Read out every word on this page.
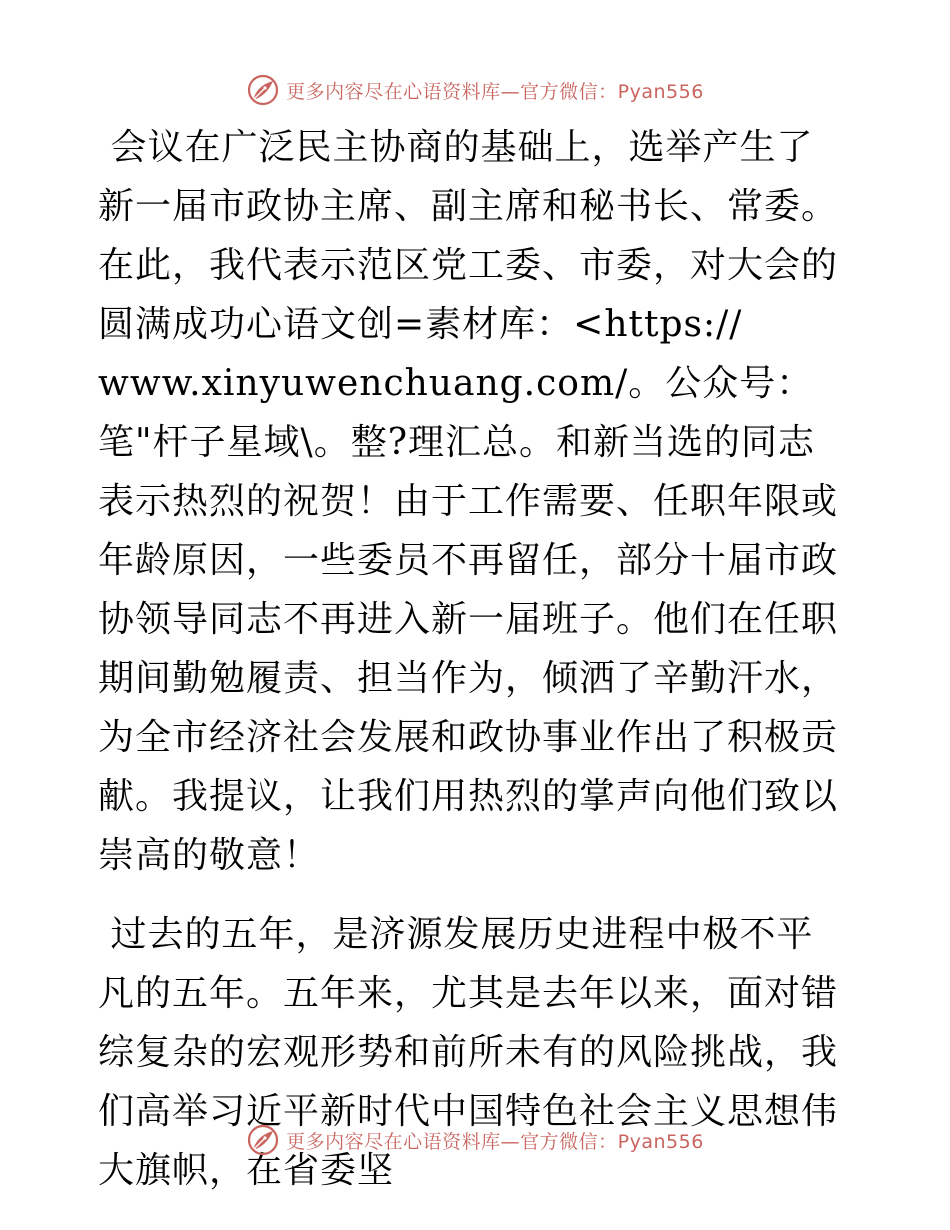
更多内容尽在心语资料库—官方微信：Pyan556

会议在广泛民主协商的基础上，选举产生了新一届市政协主席、副主席和秘书长、常委。在此，我代表示范区党工委、市委，对大会的圆满成功心语文创=素材库：<https://
www.xinyuwenchuang.com/。公众号：笔"杆子星域\。整?理汇总。和新当选的同志表示热烈的祝贺！由于工作需要、任职年限或年龄原因，一些委员不再留任，部分十届市政协领导同志不再进入新一届班子。他们在任职期间勤勉履责、担当作为，倾洒了辛勤汗水，为全市经济社会发展和政协事业作出了积极贡献。我提议，让我们用热烈的掌声向他们致以崇高的敬意！

过去的五年，是济源发展历史进程中极不平凡的五年。五年来，尤其是去年以来，面对错综复杂的宏观形势和前所未有的风险挑战，我们高举习近平新时代中国特色社会主义思想伟大旗帜，在省委坚

更多内容尽在心语资料库—官方微信：Pyan556
